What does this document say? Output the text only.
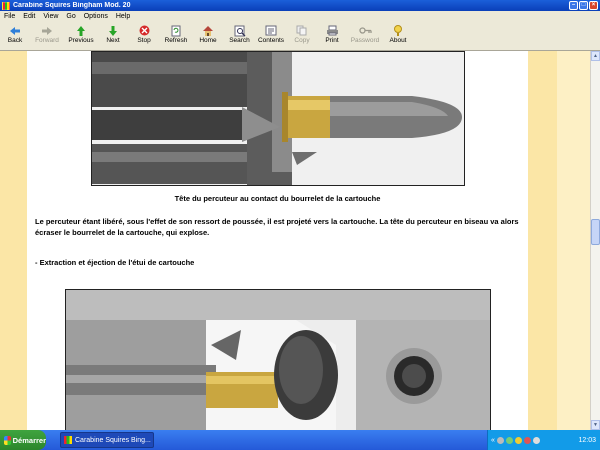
Carabine Squires Bingham Mod. 20	–	□	×
File	Edit	View	Go	Options	Help
Back Forward Previous Next	Stop Refresh Home Search Contents Copy Print Password About
Tête du percuteur au contact du bourrelet de la cartouche
Le percuteur étant libéré, sous l'effet de son ressort de poussée, il est projeté vers la cartouche. La tête du percuteur en biseau va alors écraser le bourrelet de la cartouche, qui explose.
- Extraction et éjection de l'étui de cartouche
▲
▼
Démarrer	Carabine Squires Bing...	«	12:03
